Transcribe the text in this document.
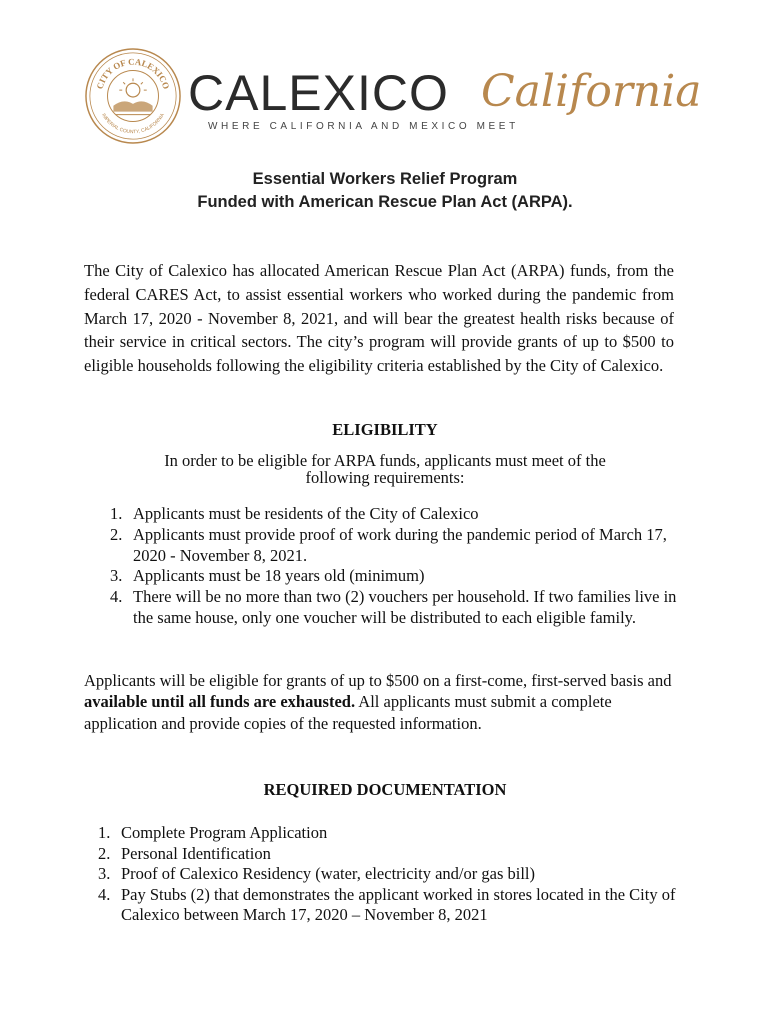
CITY OF CALEXICO
IMPERIAL COUNTY, CALIFORNIA CALEXICO California
WHERE CALIFORNIA AND MEXICO MEET
Essential Workers Relief Program
Funded with American Rescue Plan Act (ARPA).

The City of Calexico has allocated American Rescue Plan Act (ARPA) funds, from the federal CARES Act, to assist essential workers who worked during the pandemic from March 17, 2020 - November 8, 2021, and will bear the greatest health risks because of their service in critical sectors. The city’s program will provide grants of up to $500 to eligible households following the eligibility criteria established by the City of Calexico.

ELIGIBILITY
In order to be eligible for ARPA funds, applicants must meet of the following requirements:
1. Applicants must be residents of the City of Calexico
2. Applicants must provide proof of work during the pandemic period of March 17, 2020 - November 8, 2021.
3. Applicants must be 18 years old (minimum)
4. There will be no more than two (2) vouchers per household. If two families live in the same house, only one voucher will be distributed to each eligible family.

Applicants will be eligible for grants of up to $500 on a first-come, first-served basis and available until all funds are exhausted. All applicants must submit a complete application and provide copies of the requested information.

REQUIRED DOCUMENTATION
1. Complete Program Application
2. Personal Identification
3. Proof of Calexico Residency (water, electricity and/or gas bill)
4. Pay Stubs (2) that demonstrates the applicant worked in stores located in the City of Calexico between March 17, 2020 – November 8, 2021
